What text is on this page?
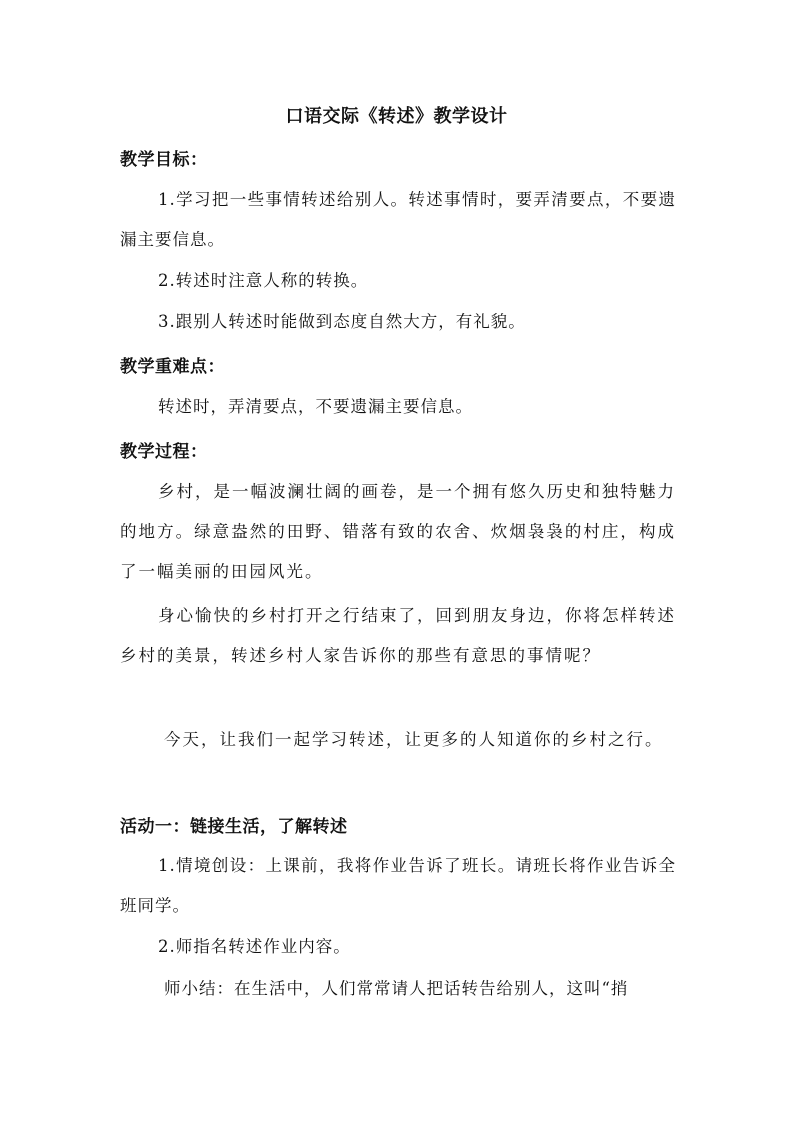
口语交际《转述》教学设计
教学目标：

1.学习把一些事情转述给别人。转述事情时，要弄清要点，不要遗漏主要信息。

2.转述时注意人称的转换。

3.跟别人转述时能做到态度自然大方，有礼貌。

教学重难点：

转述时，弄清要点，不要遗漏主要信息。

教学过程：

乡村，是一幅波澜壮阔的画卷，是一个拥有悠久历史和独特魅力的地方。绿意盎然的田野、错落有致的农舍、炊烟袅袅的村庄，构成了一幅美丽的田园风光。

身心愉快的乡村打开之行结束了，回到朋友身边，你将怎样转述乡村的美景，转述乡村人家告诉你的那些有意思的事情呢？

今天，让我们一起学习转述，让更多的人知道你的乡村之行。

活动一：链接生活，了解转述

1.情境创设：上课前，我将作业告诉了班长。请班长将作业告诉全班同学。

2.师指名转述作业内容。

师小结：在生活中，人们常常请人把话转告给别人，这叫“捎
